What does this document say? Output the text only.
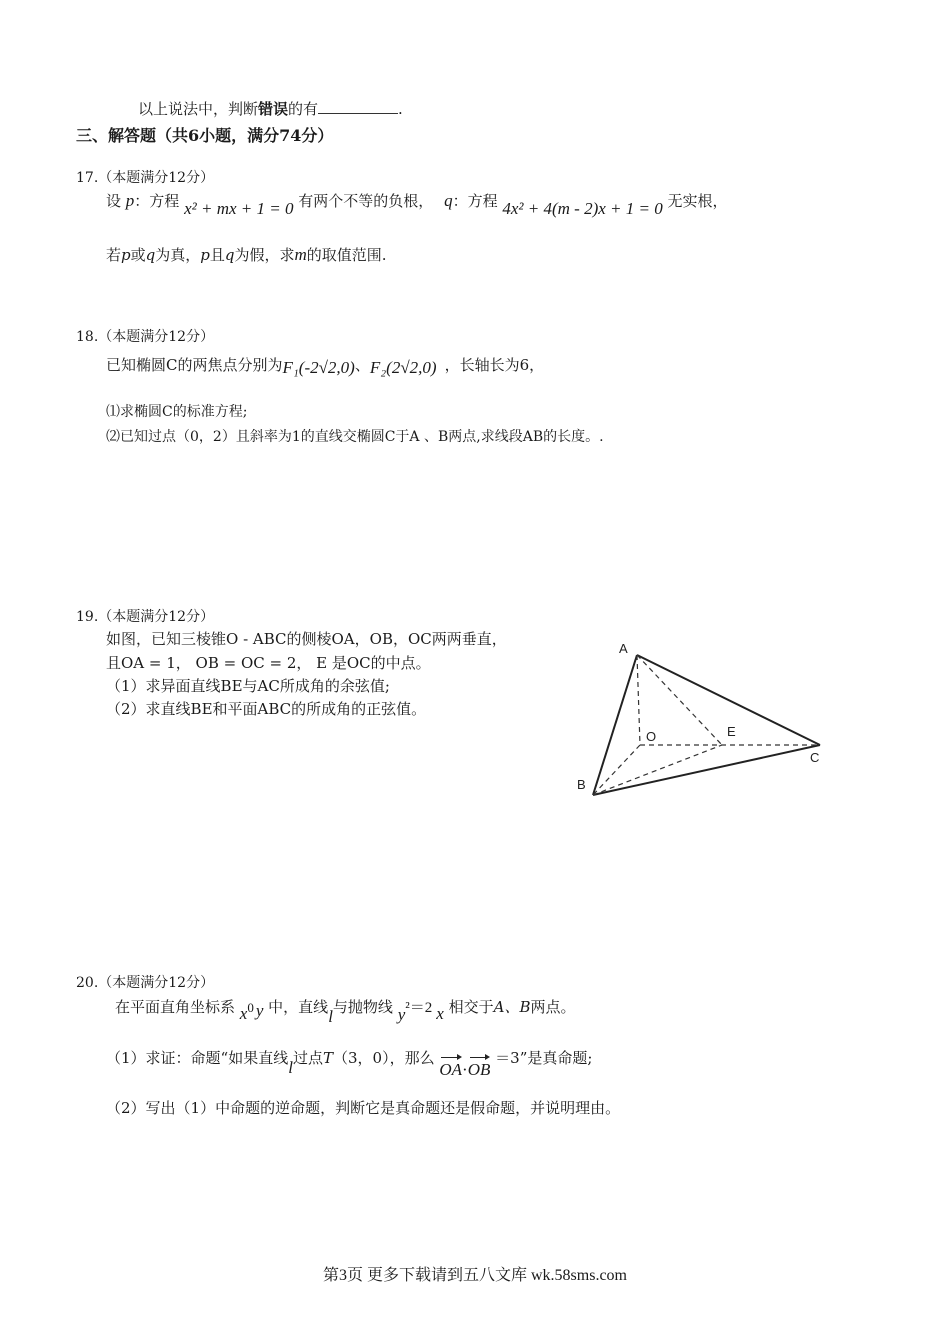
以上说法中，判断错误的有	.
三、解答题（共6小题，满分74分）
17.（本题满分12分）
设 p：方程 x² + mx + 1 = 0 有两个不等的负根， q：方程 4x² + 4(m - 2)x + 1 = 0 无实根，
若p或q为真，p且q为假，求m的取值范围.
18.（本题满分12分）
已知椭圆C的两焦点分别为F₁(-2√2,0)、F₂(2√2,0) ，长轴长为6，
⑴求椭圆C的标准方程;
⑵已知过点（0，2）且斜率为1的直线交椭圆C于A 、B两点,求线段AB的长度。.
19.（本题满分12分）
如图，已知三棱锥O - ABC的侧棱OA，OB，OC两两垂直，
且OA = 1， OB = OC = 2， E 是OC的中点。
（1）求异面直线BE与AC所成角的余弦值;
（2）求直线BE和平面ABC的所成角的正弦值。
A
O	E
C
B
20.（本题满分12分）
在平面直角坐标系 x0 y 中，直线l与抛物线 y²＝2 x 相交于A、B两点。
（1）求证：命题“如果直线l过点T（3，0），那么 OA·OB ＝3”是真命题;
（2）写出（1）中命题的逆命题，判断它是真命题还是假命题，并说明理由。
第3页 更多下载请到五八文库 wk.58sms.com
